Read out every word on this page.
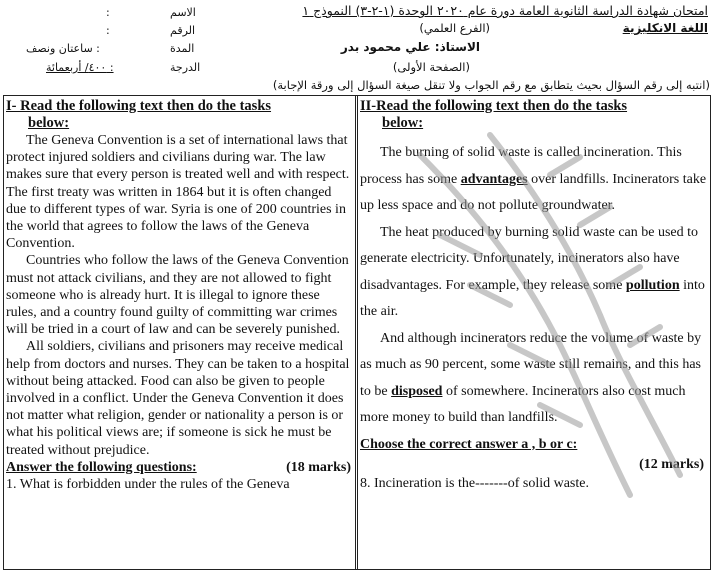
امتحان شهادة الدراسة الثانوية العامة دورة عام ٢٠٢٠ الوحدة (١-٢-٣) النموذج ١
اللغة الانكليزية
(الفرع العلمي)
الاستاذ: علي محمود بدر
(الصفحة الأولى)
(انتبه إلى رقم السؤال بحيث يتطابق مع رقم الجواب ولا تنقل صيغة السؤال إلى ورقة الإجابة)
الاسم
:
الرقم
:
المدة
: ساعتان ونصف
الدرجة
: ٤٠٠/ أربعمائة
I- Read the following text then do the tasks
below:

The Geneva Convention is a set of international laws that protect injured soldiers and civilians during war. The law makes sure that every person is treated well and with respect. The first treaty was written in 1864 but it is often changed due to different types of war. Syria is one of 200 countries in the world that agrees to follow the laws of the Geneva Convention.

Countries who follow the laws of the Geneva Convention must not attack civilians, and they are not allowed to fight someone who is already hurt. It is illegal to ignore these rules, and a country found guilty of committing war crimes will be tried in a court of law and can be severely punished.

All soldiers, civilians and prisoners may receive medical help from doctors and nurses. They can be taken to a hospital without being attacked. Food can also be given to people involved in a conflict. Under the Geneva Convention it does not matter what religion, gender or nationality a person is or what his political views are; if someone is sick he must be treated without prejudice.

Answer the following questions:	(18 marks)
1. What is forbidden under the rules of the Geneva
II-Read the following text then do the tasks
below:

The burning of solid waste is called incineration. This process has some advantages over landfills. Incinerators take up less space and do not pollute groundwater.

The heat produced by burning solid waste can be used to generate electricity. Unfortunately, incinerators also have disadvantages. For example, they release some pollution into the air.

And although incinerators reduce the volume of waste by as much as 90 percent, some waste still remains, and this has to be disposed of somewhere. Incinerators also cost much more money to build than landfills.

Choose the correct answer a , b or c:
(12 marks)
8. Incineration is the-------of solid waste.
